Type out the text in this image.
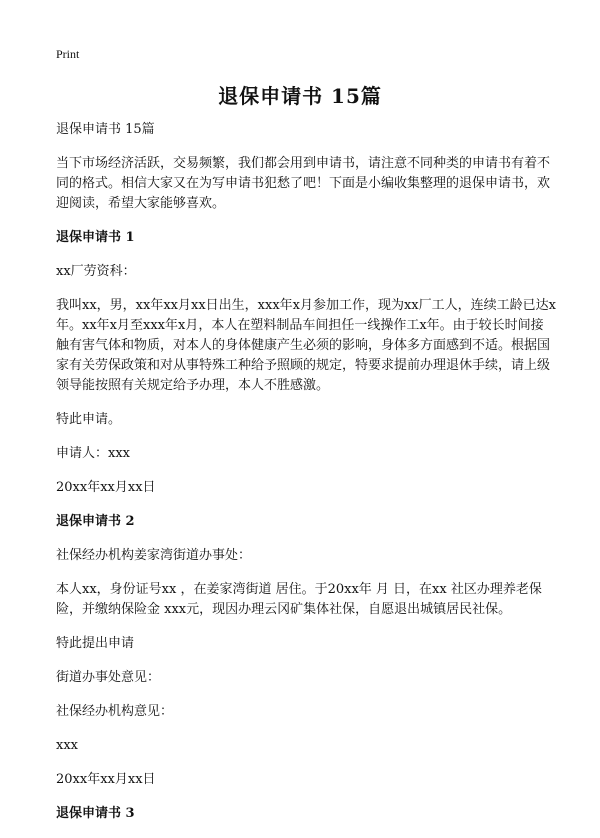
Print
退保申请书 15篇

退保申请书 15篇

当下市场经济活跃，交易频繁，我们都会用到申请书，请注意不同种类的申请书有着不同的格式。相信大家又在为写申请书犯愁了吧！下面是小编收集整理的退保申请书，欢迎阅读，希望大家能够喜欢。

退保申请书 1

xx厂劳资科：

我叫xx，男，xx年xx月xx日出生，xxx年x月参加工作，现为xx厂工人，连续工龄已达x年。xx年x月至xxx年x月，本人在塑料制品车间担任一线操作工x年。由于较长时间接触有害气体和物质，对本人的身体健康产生必须的影响，身体多方面感到不适。根据国家有关劳保政策和对从事特殊工种给予照顾的规定，特要求提前办理退休手续，请上级领导能按照有关规定给予办理，本人不胜感激。

特此申请。

申请人：xxx

20xx年xx月xx日

退保申请书 2

社保经办机构姜家湾街道办事处：

本人xx，身份证号xx ，在姜家湾街道 居住。于20xx年 月 日，在xx 社区办理养老保险，并缴纳保险金 xxx元，现因办理云冈矿集体社保，自愿退出城镇居民社保。

特此提出申请

街道办事处意见：

社保经办机构意见：

xxx

20xx年xx月xx日

退保申请书 3
